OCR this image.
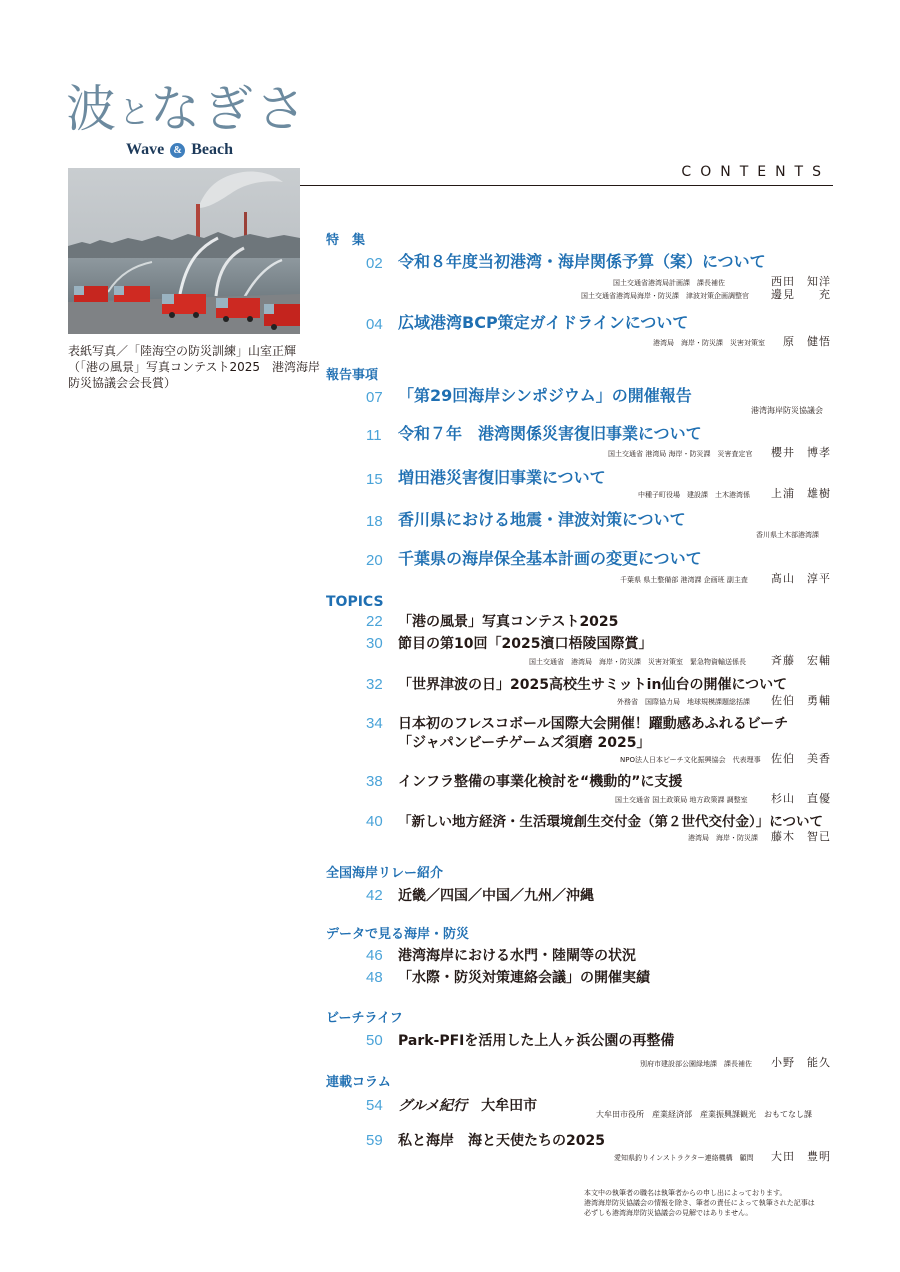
波となぎさ
Wave & Beach
CONTENTS
表紙写真／「陸海空の防災訓練」山室正輝
（「港の風景」写真コンテスト2025　港湾海岸
防災協議会会長賞）
特　集
02 令和８年度当初港湾・海岸関係予算（案）について
国土交通省港湾局計画課　課長補佐	西田　知洋
国土交通省港湾局海岸・防災課　津波対策企画調整官 邊見　　充
04 広域港湾BCP策定ガイドラインについて
港湾局　海岸・防災課　災害対策室 原　健悟
報告事項
07 「第29回海岸シンポジウム」の開催報告
港湾海岸防災協議会
11 令和７年　港湾関係災害復旧事業について
国土交通省 港湾局 海岸・防災課　災害査定官 櫻井　博孝
15 増田港災害復旧事業について
中種子町役場　建設課　土木港湾係 上浦　雄樹
18 香川県における地震・津波対策について
香川県土木部港湾課
20 千葉県の海岸保全基本計画の変更について
千葉県 県土整備部 港湾課 企画班 副主査 髙山　淳平
TOPICS
22 「港の風景」写真コンテスト2025
30 節目の第10回「2025濱口梧陵国際賞」
国土交通省　港湾局　海岸・防災課　災害対策室　緊急物資輸送係長 斉藤　宏輔
32 「世界津波の日」2025高校生サミットin仙台の開催について
外務省　国際協力局　地球規模課題総括課 佐伯　勇輔
34 日本初のフレスコボール国際大会開催！躍動感あふれるビーチ
「ジャパンビーチゲームズ須磨 2025」
NPO法人日本ビーチ文化振興協会　代表理事 佐伯　美香
38 インフラ整備の事業化検討を“機動的”に支援
国土交通省 国土政策局 地方政策課 調整室 杉山　直優
40 「新しい地方経済・生活環境創生交付金（第２世代交付金）」について
港湾局　海岸・防災課 藤木　智已
全国海岸リレー紹介
42 近畿／四国／中国／九州／沖縄
データで見る海岸・防災
46 港湾海岸における水門・陸閘等の状況
48 「水際・防災対策連絡会議」の開催実績
ビーチライフ
50 Park-PFIを活用した上人ヶ浜公園の再整備
別府市建設部公園緑地課　課長補佐 小野　能久
連載コラム
54 グルメ紀行　 大牟田市
大牟田市役所　産業経済部　産業振興課観光　おもてなし課
59 私と海岸　 海と天使たちの2025
愛知県釣りインストラクター連絡機構　顧問 大田　豊明
本文中の執筆者の職名は執筆者からの申し出によっております。
港湾海岸防災協議会の情報を除き、筆者の責任によって執筆された記事は
必ずしも港湾海岸防災協議会の見解ではありません。
